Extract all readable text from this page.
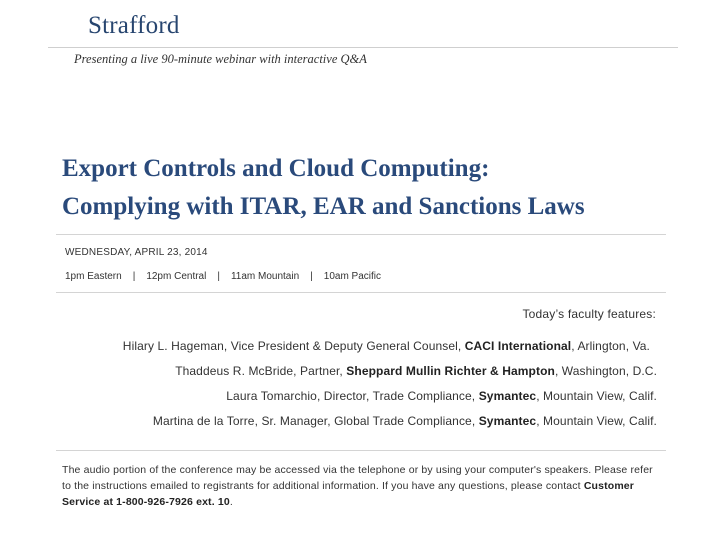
Strafford
Presenting a live 90-minute webinar with interactive Q&A
Export Controls and Cloud Computing:
Complying with ITAR, EAR and Sanctions Laws
WEDNESDAY, APRIL 23, 2014
1pm Eastern | 12pm Central | 11am Mountain | 10am Pacific
Today’s faculty features:
Hilary L. Hageman, Vice President & Deputy General Counsel, CACI International, Arlington, Va.
Thaddeus R. McBride, Partner, Sheppard Mullin Richter & Hampton, Washington, D.C.
Laura Tomarchio, Director, Trade Compliance, Symantec, Mountain View, Calif.
Martina de la Torre, Sr. Manager, Global Trade Compliance, Symantec, Mountain View, Calif.
The audio portion of the conference may be accessed via the telephone or by using your computer's speakers. Please refer to the instructions emailed to registrants for additional information. If you have any questions, please contact Customer Service at 1-800-926-7926 ext. 10.
